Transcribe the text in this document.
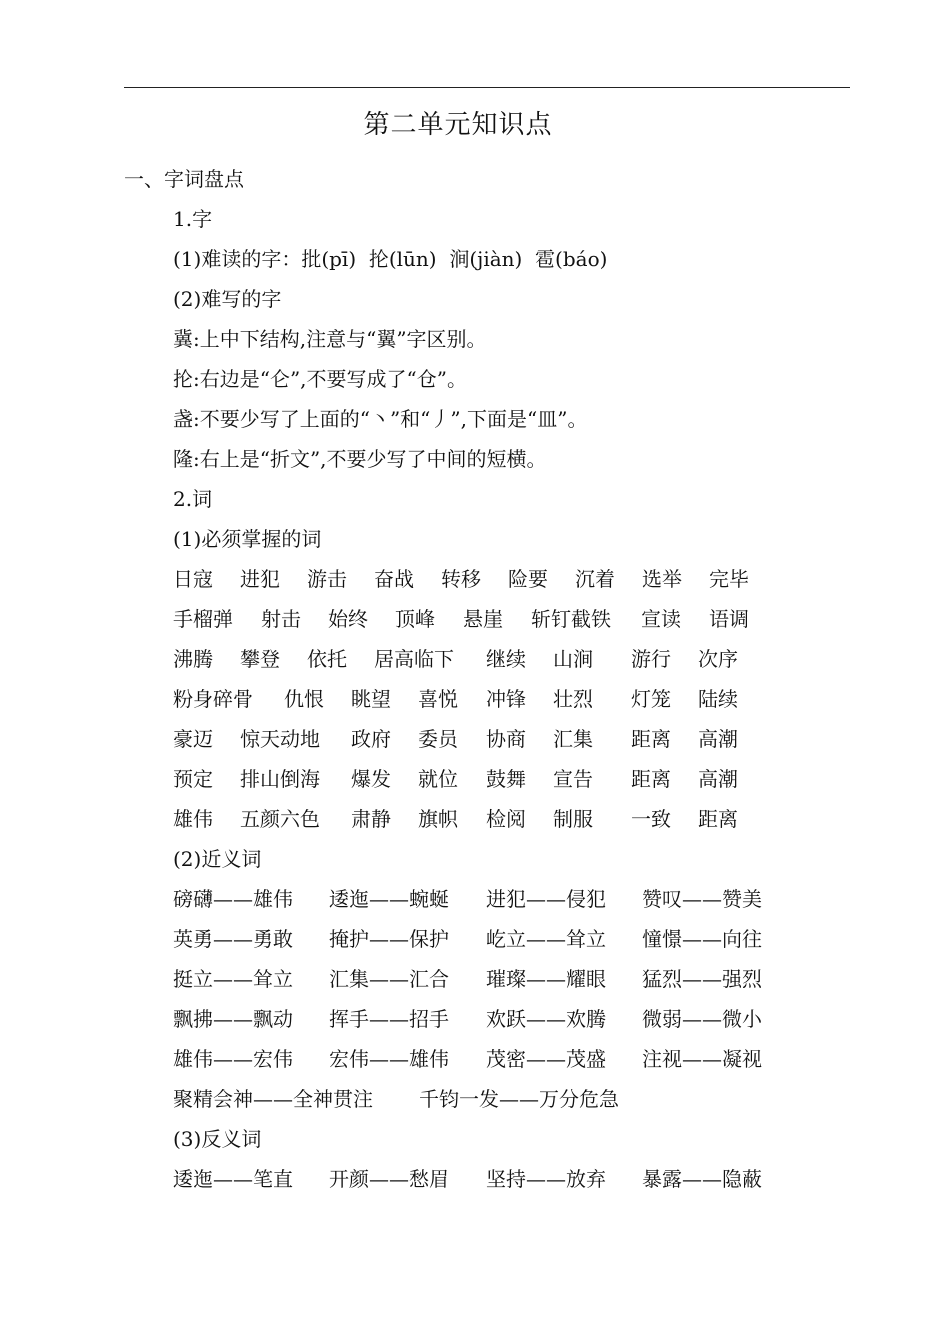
第二单元知识点
一、字词盘点
1.字
(1)难读的字：批(pī)  抡(lūn)  涧(jiàn)  雹(báo)
(2)难写的字
冀:上中下结构,注意与“翼”字区别。
抡:右边是“仑”,不要写成了“仓”。
盏:不要少写了上面的“丶”和“丿”,下面是“皿”。
隆:右上是“折文”,不要少写了中间的短横。
2.词
(1)必须掌握的词
日寇 进犯 游击 奋战 转移 险要 沉着 选举 完毕
手榴弹 射击 始终 顶峰 悬崖 斩钉截铁 宣读 语调
沸腾 攀登 依托 居高临下 继续 山涧 游行 次序
粉身碎骨 仇恨 眺望 喜悦 冲锋 壮烈 灯笼 陆续
豪迈 惊天动地 政府 委员 协商 汇集 距离 高潮
预定 排山倒海 爆发 就位 鼓舞 宣告 距离 高潮
雄伟 五颜六色 肃静 旗帜 检阅 制服 一致 距离
(2)近义词
磅礴——雄伟 逶迤——蜿蜒 进犯——侵犯 赞叹——赞美
英勇——勇敢 掩护——保护 屹立——耸立 憧憬——向往
挺立——耸立 汇集——汇合 璀璨——耀眼 猛烈——强烈
飘拂——飘动 挥手——招手 欢跃——欢腾 微弱——微小
雄伟——宏伟 宏伟——雄伟 茂密——茂盛 注视——凝视
聚精会神——全神贯注 千钧一发——万分危急
(3)反义词
逶迤——笔直 开颜——愁眉 坚持——放弃 暴露——隐蔽
